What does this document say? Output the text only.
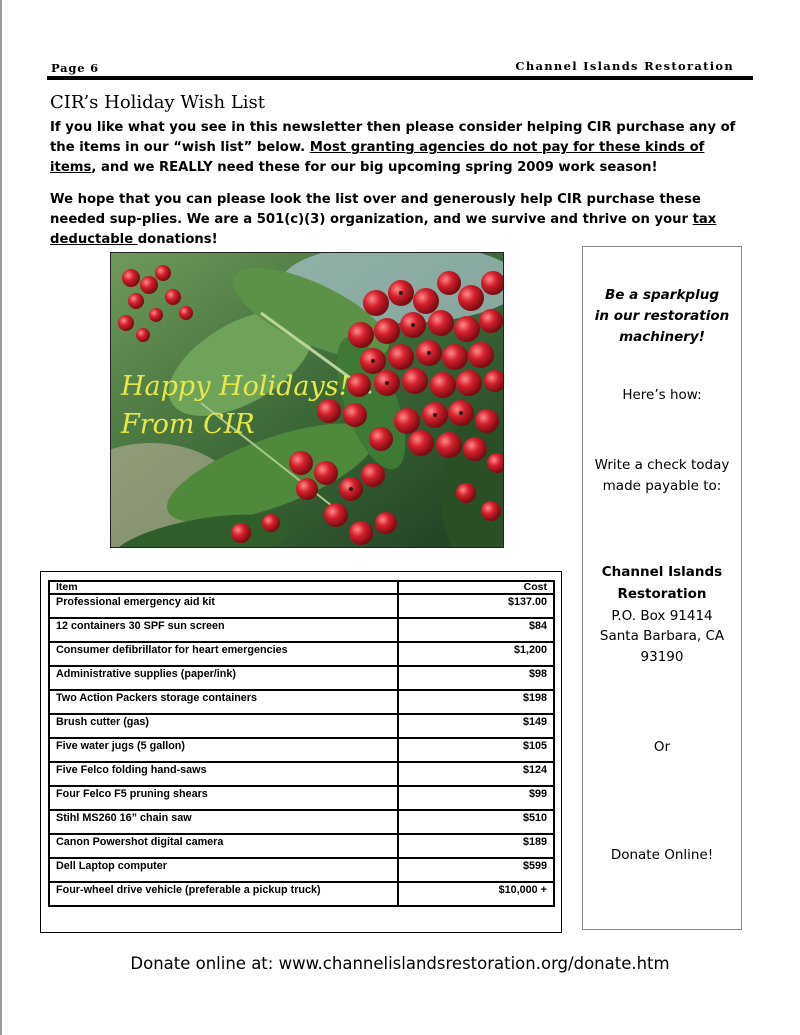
Page 6	Channel Islands Restoration
CIR’s Holiday Wish List
If you like what you see in this newsletter then please consider helping CIR purchase any of the items in our “wish list” below. Most granting agencies do not pay for these kinds of items, and we REALLY need these for our big upcoming spring 2009 work season!
We hope that you can please look the list over and generously help CIR purchase these needed sup-plies. We are a 501(c)(3) organization, and we survive and thrive on your tax deductable donations!
Happy Holidays!
From CIR
Be a sparkplug
in our restoration
machinery!
Here’s how:
Write a check today
made payable to:
Channel Islands
Restoration
P.O. Box 91414
Santa Barbara, CA
93190
Or
Donate Online!
Item	Cost
Professional emergency aid kit	$137.00
12 containers 30 SPF sun screen	$84
Consumer defibrillator for heart emergencies	$1,200
Administrative supplies (paper/ink)	$98
Two Action Packers storage containers	$198
Brush cutter (gas)	$149
Five water jugs (5 gallon)	$105
Five Felco folding hand-saws	$124
Four Felco F5 pruning shears	$99
Stihl MS260 16” chain saw	$510
Canon Powershot digital camera	$189
Dell Laptop computer	$599
Four-wheel drive vehicle (preferable a pickup truck)	$10,000 +
Donate online at: www.channelislandsrestoration.org/donate.htm
